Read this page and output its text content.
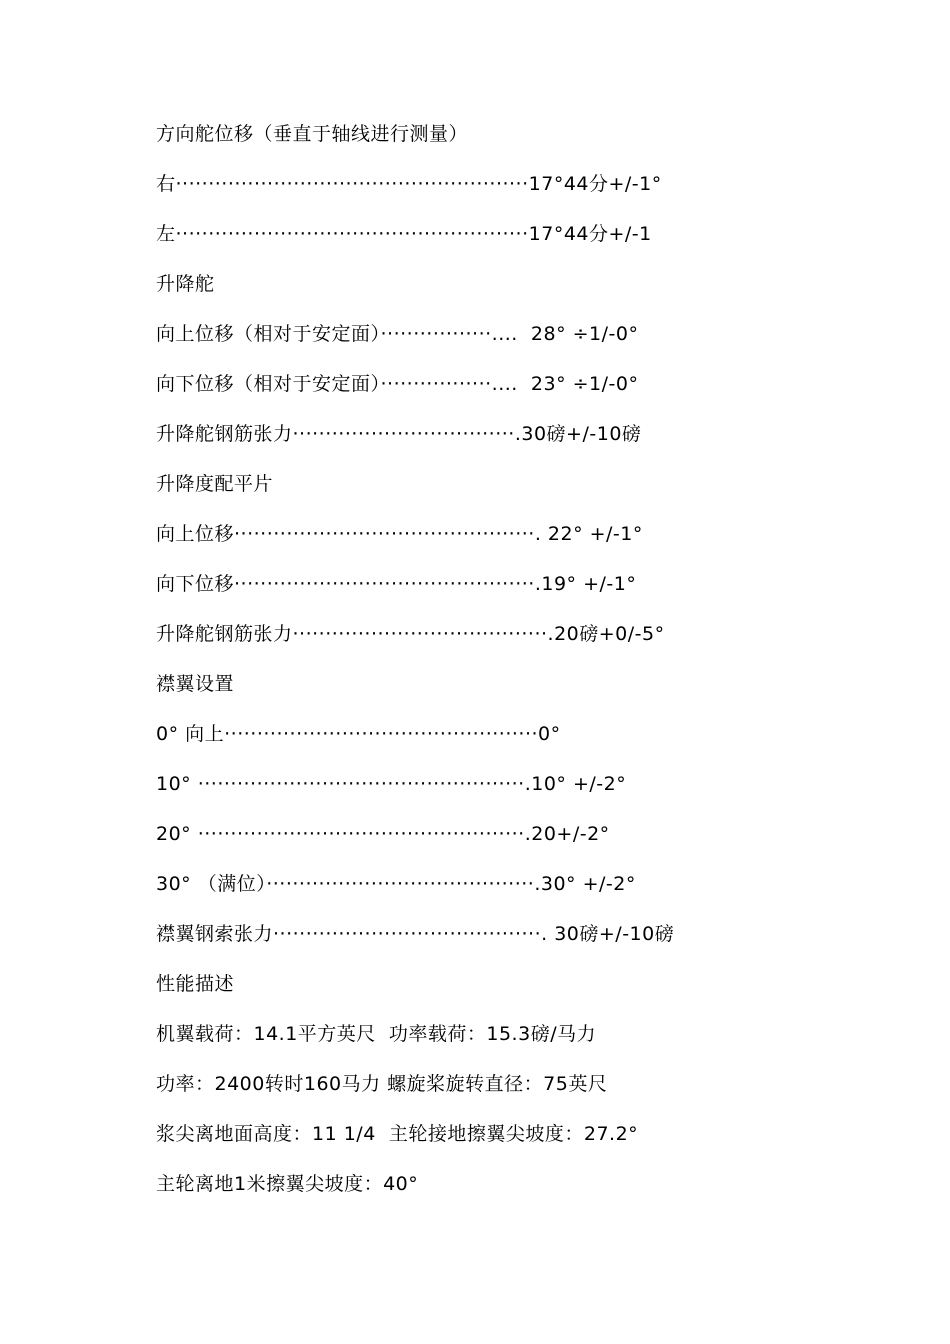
方向舵位移（垂直于轴线进行测量）
右······················································17°44分+/-1°
左······················································17°44分+/-1
升降舵
向上位移（相对于安定面）·················....  28° ÷1/-0°
向下位移（相对于安定面）·················....  23° ÷1/-0°
升降舵钢筋张力··································.30磅+/-10磅
升降度配平片
向上位移··············································. 22° +/-1°
向下位移··············································.19° +/-1°
升降舵钢筋张力·······································.20磅+0/-5°
襟翼设置
0° 向上················································0°
10° ··················································.10° +/-2°
20° ··················································.20+/-2°
30° （满位）·········································.30° +/-2°
襟翼钢索张力·········································. 30磅+/-10磅
性能描述
机翼载荷：14.1平方英尺  功率载荷：15.3磅/马力
功率：2400转时160马力 螺旋桨旋转直径：75英尺
浆尖离地面高度：11 1/4  主轮接地擦翼尖坡度：27.2°
主轮离地1米擦翼尖坡度：40°
